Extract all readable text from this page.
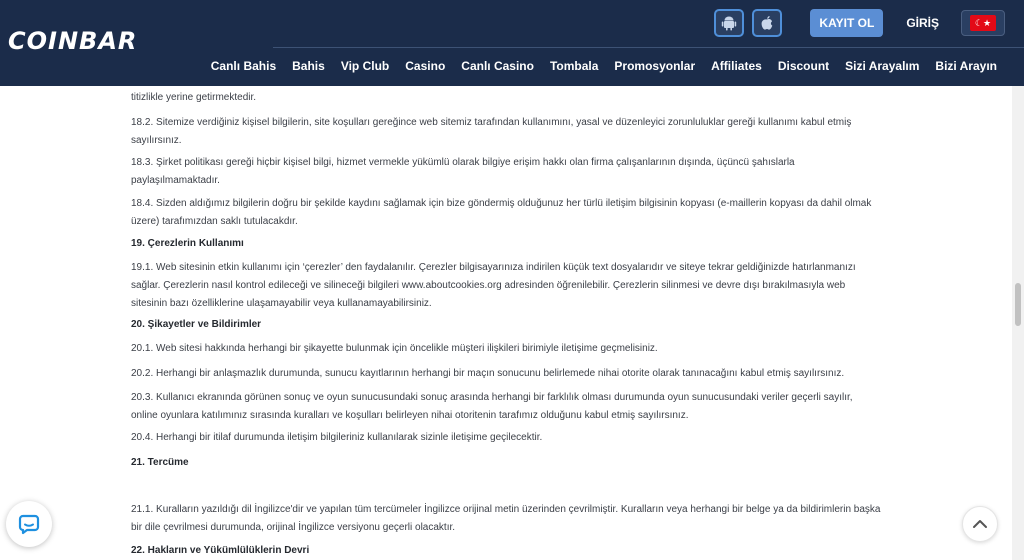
COINBAR
KAYIT OL	GİRİŞ	☾★
Canlı Bahis Bahis Vip Club Casino Canlı Casino Tombala Promosyonlar Affiliates Discount Sizi Arayalım Bizi Arayın
titizlikle yerine getirmektedir.
18.2. Sitemize verdiğiniz kişisel bilgilerin, site koşulları gereğince web sitemiz tarafından kullanımını, yasal ve düzenleyici zorunluluklar gereği kullanımı kabul etmiş sayılırsınız.
18.3. Şirket politikası gereği hiçbir kişisel bilgi, hizmet vermekle yükümlü olarak bilgiye erişim hakkı olan firma çalışanlarının dışında, üçüncü şahıslarla paylaşılmamaktadır.
18.4. Sizden aldığımız bilgilerin doğru bir şekilde kaydını sağlamak için bize göndermiş olduğunuz her türlü iletişim bilgisinin kopyası (e-maillerin kopyası da dahil olmak üzere) tarafımızdan saklı tutulacakdır.
19. Çerezlerin Kullanımı
19.1. Web sitesinin etkin kullanımı için ‘çerezler’ den faydalanılır. Çerezler bilgisayarınıza indirilen küçük text dosyalarıdır ve siteye tekrar geldiğinizde hatırlanmanızı sağlar. Çerezlerin nasıl kontrol edileceği ve silineceği bilgileri www.aboutcookies.org adresinden öğrenilebilir. Çerezlerin silinmesi ve devre dışı bırakılmasıyla web sitesinin bazı özelliklerine ulaşamayabilir veya kullanamayabilirsiniz.
20. Şikayetler ve Bildirimler
20.1. Web sitesi hakkında herhangi bir şikayette bulunmak için öncelikle müşteri ilişkileri birimiyle iletişime geçmelisiniz.
20.2. Herhangi bir anlaşmazlık durumunda, sunucu kayıtlarının herhangi bir maçın sonucunu belirlemede nihai otorite olarak tanınacağını kabul etmiş sayılırsınız.
20.3. Kullanıcı ekranında görünen sonuç ve oyun sunucusundaki sonuç arasında herhangi bir farklılık olması durumunda oyun sunucusundaki veriler geçerli sayılır, online oyunlara katılımınız sırasında kuralları ve koşulları belirleyen nihai otoritenin tarafımız olduğunu kabul etmiş sayılırsınız.
20.4. Herhangi bir itilaf durumunda iletişim bilgileriniz kullanılarak sizinle iletişime geçilecektir.
21. Tercüme
21.1. Kuralların yazıldığı dil İngilizce'dir ve yapılan tüm tercümeler İngilizce orijinal metin üzerinden çevrilmiştir. Kuralların veya herhangi bir belge ya da bildirimlerin başka bir dile çevrilmesi durumunda, orijinal İngilizce versiyonu geçerli olacaktır.
22. Hakların ve Yükümlülüklerin Devri
